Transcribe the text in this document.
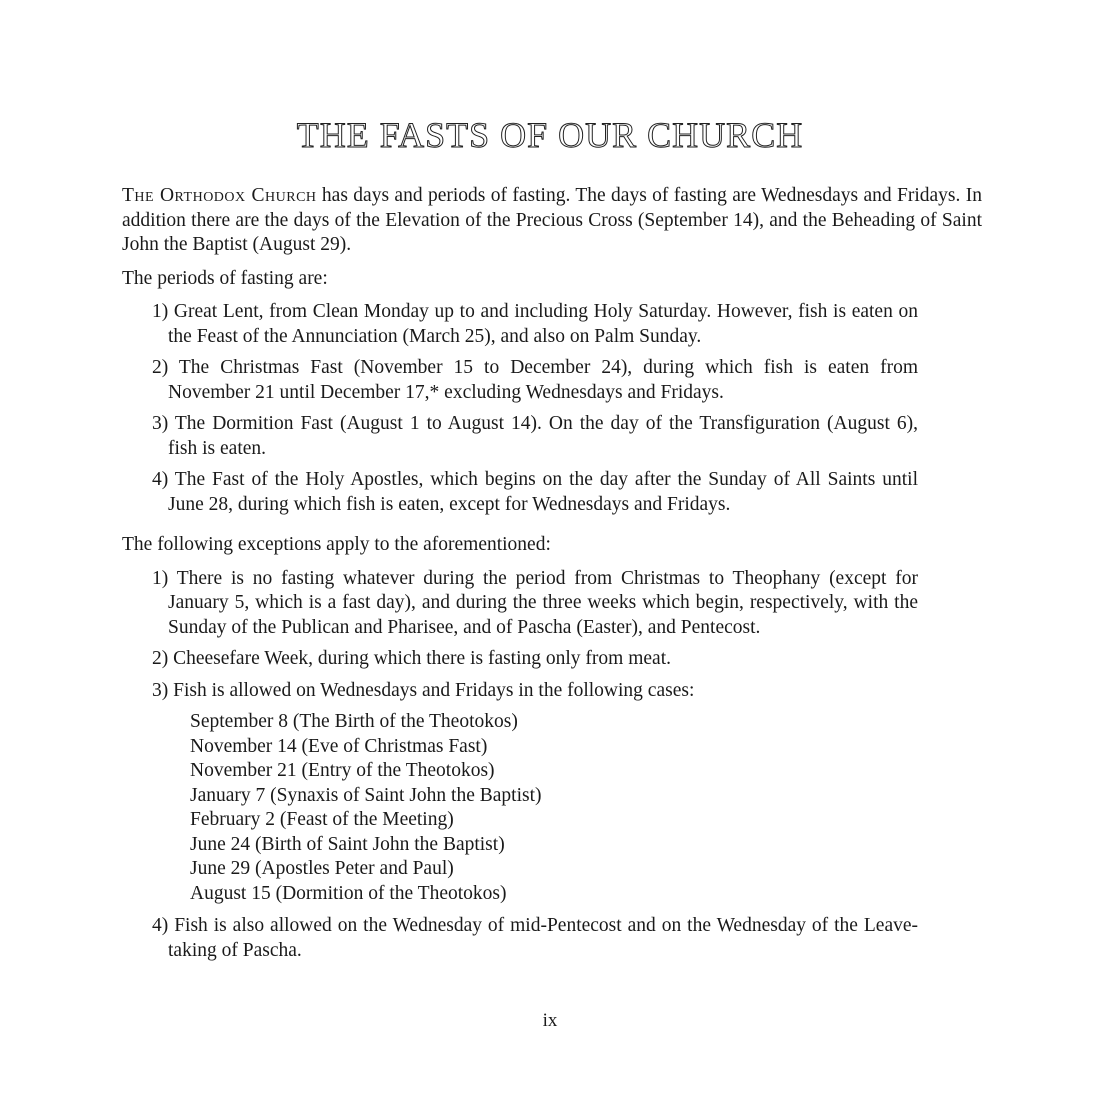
THE FASTS OF OUR CHURCH

The Orthodox Church has days and periods of fasting. The days of fasting are Wednesdays and Fridays. In addition there are the days of the Elevation of the Precious Cross (September 14), and the Beheading of Saint John the Baptist (August 29).

The periods of fasting are:

1) Great Lent, from Clean Monday up to and including Holy Saturday. However, fish is eaten on the Feast of the Annunciation (March 25), and also on Palm Sunday.
2) The Christmas Fast (November 15 to December 24), during which fish is eaten from November 21 until December 17,* excluding Wednesdays and Fridays.
3) The Dormition Fast (August 1 to August 14). On the day of the Transfiguration (August 6), fish is eaten.
4) The Fast of the Holy Apostles, which begins on the day after the Sunday of All Saints until June 28, during which fish is eaten, except for Wednesdays and Fridays.

The following exceptions apply to the aforementioned:

1) There is no fasting whatever during the period from Christmas to Theophany (except for January 5, which is a fast day), and during the three weeks which begin, respectively, with the Sunday of the Publican and Pharisee, and of Pascha (Easter), and Pentecost.
2) Cheesefare Week, during which there is fasting only from meat.
3) Fish is allowed on Wednesdays and Fridays in the following cases:
September 8 (The Birth of the Theotokos)
November 14 (Eve of Christmas Fast)
November 21 (Entry of the Theotokos)
January 7 (Synaxis of Saint John the Baptist)
February 2 (Feast of the Meeting)
June 24 (Birth of Saint John the Baptist)
June 29 (Apostles Peter and Paul)
August 15 (Dormition of the Theotokos)
4) Fish is also allowed on the Wednesday of mid-Pentecost and on the Wednesday of the Leave-taking of Pascha.
ix
